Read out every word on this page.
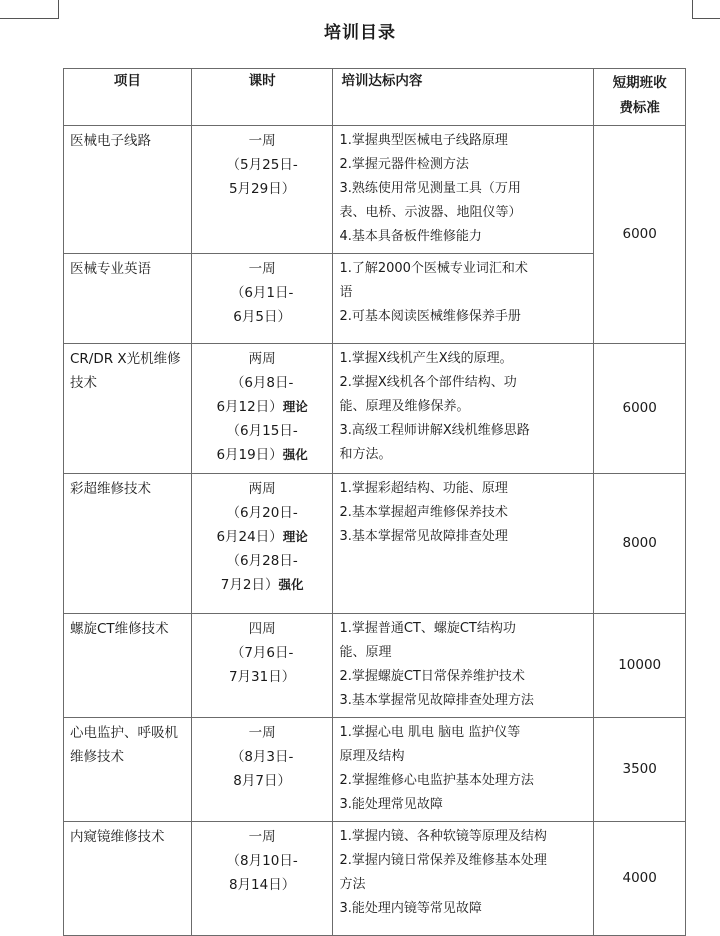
培训目录
项目	课时	培训达标内容	短期班收
费标准

医械电子线路	一周
（5月25日-
5月29日）	1.掌握典型医械电子线路原理
2.掌握元器件检测方法
3.熟练使用常见测量工具（万用
表、电桥、示波器、地阻仪等）
4.基本具备板件维修能力	6000
医械专业英语	一周
（6月1日-
6月5日）	1.了解2000个医械专业词汇和术
语
2.可基本阅读医械维修保养手册	

CR/DR X光机维修技术	两周
（6月8日-
6月12日）理论
（6月15日-
6月19日）强化	1.掌握X线机产生X线的原理。
2.掌握X线机各个部件结构、功
能、原理及维修保养。
3.高级工程师讲解X线机维修思路
和方法。	6000
彩超维修技术	两周
（6月20日-
6月24日）理论
（6月28日-
7月2日）强化	1.掌握彩超结构、功能、原理
2.基本掌握超声维修保养技术
3.基本掌握常见故障排查处理	8000
螺旋CT维修技术	四周
（7月6日-
7月31日）	1.掌握普通CT、螺旋CT结构功
能、原理
2.掌握螺旋CT日常保养维护技术
3.基本掌握常见故障排查处理方法	10000
心电监护、呼吸机维修技术	一周
（8月3日-
8月7日）	1.掌握心电 肌电 脑电 监护仪等
原理及结构
2.掌握维修心电监护基本处理方法
3.能处理常见故障	3500
内窥镜维修技术	一周
（8月10日-
8月14日）	1.掌握内镜、各种软镜等原理及结构
2.掌握内镜日常保养及维修基本处理
方法
3.能处理内镜等常见故障	4000
